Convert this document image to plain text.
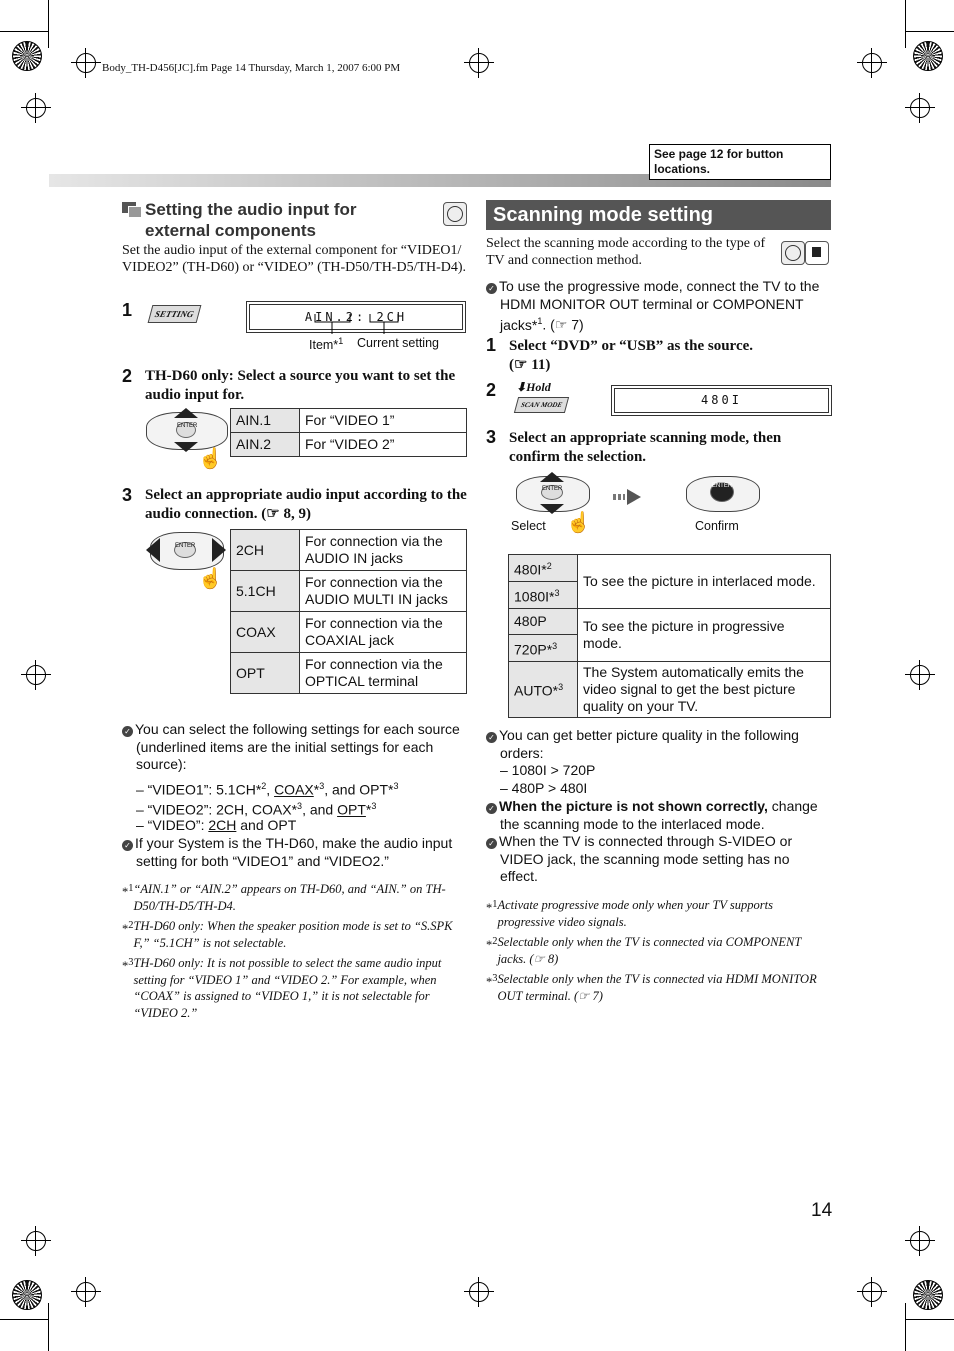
Body_TH-D456[JC].fm Page 14 Thursday, March 1, 2007 6:00 PM
See page 12 for button locations.
Setting the audio input for
external components
Set the audio input of the external component for “VIDEO1/ VIDEO2” (TH-D60) or “VIDEO” (TH-D50/TH-D5/TH-D4).
1	SETTING	AIN.2: 2CH
Item*$^1$ Current setting
2 TH-D60 only: Select a source you want to set the audio input for.
ENTER
☝
AIN.1	For “VIDEO 1”
AIN.2	For “VIDEO 2”
3 Select an appropriate audio input according to the audio connection. (☞ 8, 9)
ENTER
☝
2CH	For connection via the
AUDIO IN jacks
5.1CH	For connection via the
AUDIO MULTI IN jacks
COAX	For connection via the
COAXIAL jack
OPT	For connection via the
OPTICAL terminal
✓ You can select the following settings for each source
(underlined items are the initial settings for each
source):
– “VIDEO1”: 5.1CH*$^2$, COAX*$^3$, and OPT*$^3$
– “VIDEO2”: 2CH, COAX*$^3$, and OPT*$^3$
– “VIDEO”: 2CH and OPT
✓ If your System is the TH-D60, make the audio input
setting for both “VIDEO1” and “VIDEO2.”
*$^1$“AIN.1” or “AIN.2” appears on TH-D60, and “AIN.” on TH-D50/TH-D5/TH-D4.
*$^2$TH-D60 only: When the speaker position mode is set to “S.SPK F,” “5.1CH” is not selectable.
*$^3$TH-D60 only: It is not possible to select the same audio input setting for “VIDEO 1” and “VIDEO 2.” For example, when “COAX” is assigned to “VIDEO 1,” it is not selectable for “VIDEO 2.”
Scanning mode setting
Select the scanning mode according to the type of TV and connection method.
✓ To use the progressive mode, connect the TV to the
HDMI MONITOR OUT terminal or COMPONENT
jacks*$^1$. (☞ 7)
1 Select “DVD” or “USB” as the source.
(☞ 11)
2 ⬇Hold
SCAN MODE	480I
3 Select an appropriate scanning mode, then confirm the selection.
ENTER
☝
Select
ENTER
Confirm
480I*$^2$	To see the picture in interlaced mode.
1080I*$^3$
480P	To see the picture in progressive mode.
720P*$^3$
AUTO*$^3$	The System automatically emits the video signal to get the best picture quality on your TV.
✓ You can get better picture quality in the following
orders:
– 1080I > 720P
– 480P > 480I
✓ When the picture is not shown correctly, change
the scanning mode to the interlaced mode.
✓ When the TV is connected through S-VIDEO or
VIDEO jack, the scanning mode setting has no
effect.
*$^1$Activate progressive mode only when your TV supports progressive video signals.
*$^2$Selectable only when the TV is connected via COMPONENT jacks. (☞ 8)
*$^3$Selectable only when the TV is connected via HDMI MONITOR OUT terminal. (☞ 7)
14
